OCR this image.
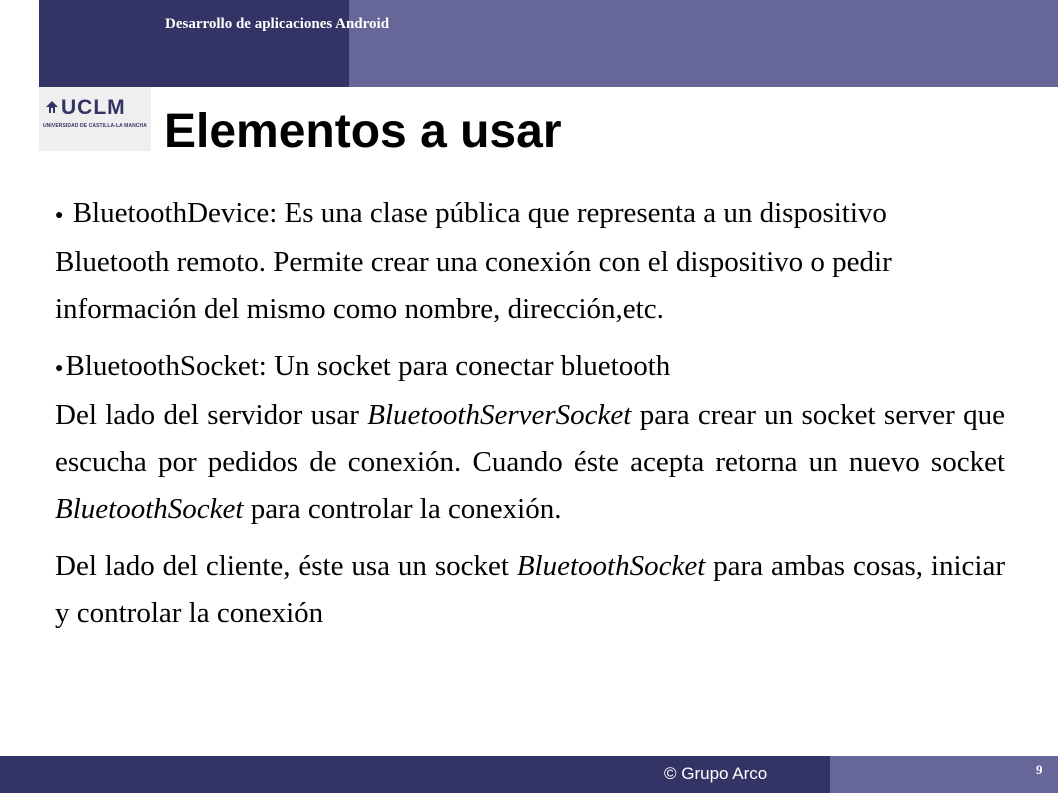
Desarrollo de aplicaciones Android
UCLM
UNIVERSIDAD DE CASTILLA-LA MANCHA Elementos a usar

● BluetoothDevice: Es una clase pública que representa a un dispositivo Bluetooth remoto. Permite crear una conexión con el dispositivo o pedir información del mismo como nombre, dirección,etc.

●BluetoothSocket: Un socket para conectar bluetooth

Del lado del servidor usar BluetoothServerSocket para crear un socket server que escucha por pedidos de conexión. Cuando éste acepta retorna un nuevo socket BluetoothSocket para controlar la conexión.

Del lado del cliente, éste usa un socket BluetoothSocket para ambas cosas, iniciar y controlar la conexión

© Grupo Arco	9
